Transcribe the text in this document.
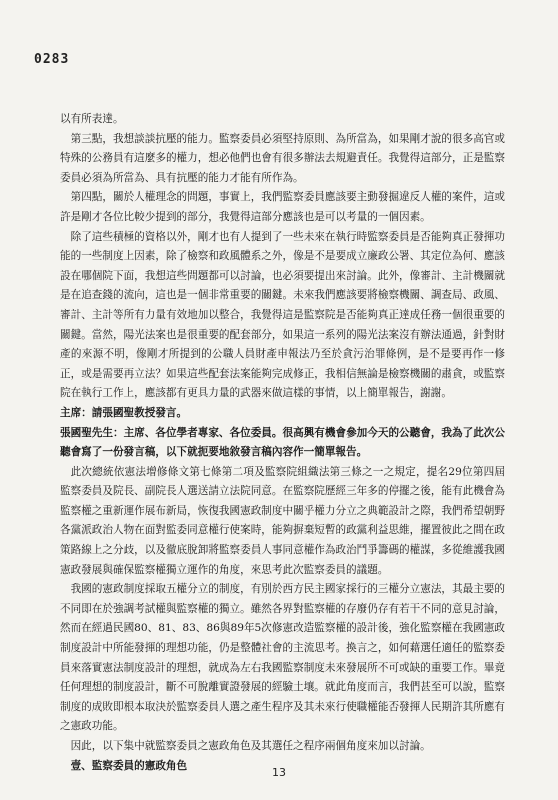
0283

以有所表達。

第三點，我想談談抗壓的能力。監察委員必須堅持原則、為所當為，如果剛才說的很多高官或特殊的公務員有這麼多的權力，想必他們也會有很多辦法去規避責任。我覺得這部分，正是監察委員必須為所當為、具有抗壓的能力才能有所作為。

第四點，關於人權理念的問題，事實上，我們監察委員應該要主動發掘違反人權的案件，這或許是剛才各位比較少提到的部分，我覺得這部分應該也是可以考量的一個因素。

除了這些積極的資格以外，剛才也有人提到了一些未來在執行時監察委員是否能夠真正發揮功能的一些制度上因素，除了檢察和政風體系之外，像是不是要成立廉政公署、其定位為何、應該設在哪個院下面，我想這些問題都可以討論，也必須要提出來討論。此外，像審計、主計機關就是在追查錢的流向，這也是一個非常重要的關鍵。未來我們應該要將檢察機關、調查局、政風、審計、主計等所有力量有效地加以整合，我覺得這是監察院是否能夠真正達成任務一個很重要的關鍵。當然，陽光法案也是很重要的配套部分，如果這一系列的陽光法案沒有辦法通過，針對財產的來源不明，像剛才所提到的公職人員財產申報法乃至於貪污治罪條例，是不是要再作一修正，或是需要再立法？如果這些配套法案能夠完成修正，我相信無論是檢察機關的肅貪，或監察院在執行工作上，應該都有更具力量的武器來做這樣的事情，以上簡單報告，謝謝。

主席：請張國聖教授發言。

張國聖先生：主席、各位學者專家、各位委員。很高興有機會參加今天的公聽會，我為了此次公聽會寫了一份發言稿，以下就扼要地敘發言稿內容作一簡單報告。

此次總統依憲法增修條文第七條第二項及監察院組織法第三條之一之規定，提名29位第四屆監察委員及院長、副院長人選送請立法院同意。在監察院歷經三年多的停擺之後，能有此機會為監察權之重新運作展布新局，恢復我國憲政制度中關乎權力分立之典範設計之際，我們希望朝野各黨派政治人物在面對監委同意權行使案時，能夠摒棄短暫的政黨利益思維，擺置彼此之間在政策路線上之分歧，以及徹底脫卸將監察委員人事同意權作為政治鬥爭籌碼的權謀，多從維護我國憲政發展與確保監察權獨立運作的角度，來思考此次監察委員的議題。

我國的憲政制度採取五權分立的制度，有別於西方民主國家採行的三權分立憲法，其最主要的不同即在於強調考試權與監察權的獨立。雖然各界對監察權的存廢仍存有若干不同的意見討論，然而在經過民國80、81、83、86與89年5次修憲改造監察權的設計後，強化監察權在我國憲政制度設計中所能發揮的理想功能，仍是整體社會的主流思考。換言之，如何藉選任適任的監察委員來落實憲法制度設計的理想，就成為左右我國監察制度未來發展所不可或缺的重要工作。畢竟任何理想的制度設計，斷不可脫離實證發展的經驗土壤。就此角度而言，我們甚至可以說，監察制度的成敗即根本取決於監察委員人選之產生程序及其未來行使職權能否發揮人民期許其所應有之憲政功能。

因此，以下集中就監察委員之憲政角色及其選任之程序兩個角度來加以討論。

壹、監察委員的憲政角色

13
